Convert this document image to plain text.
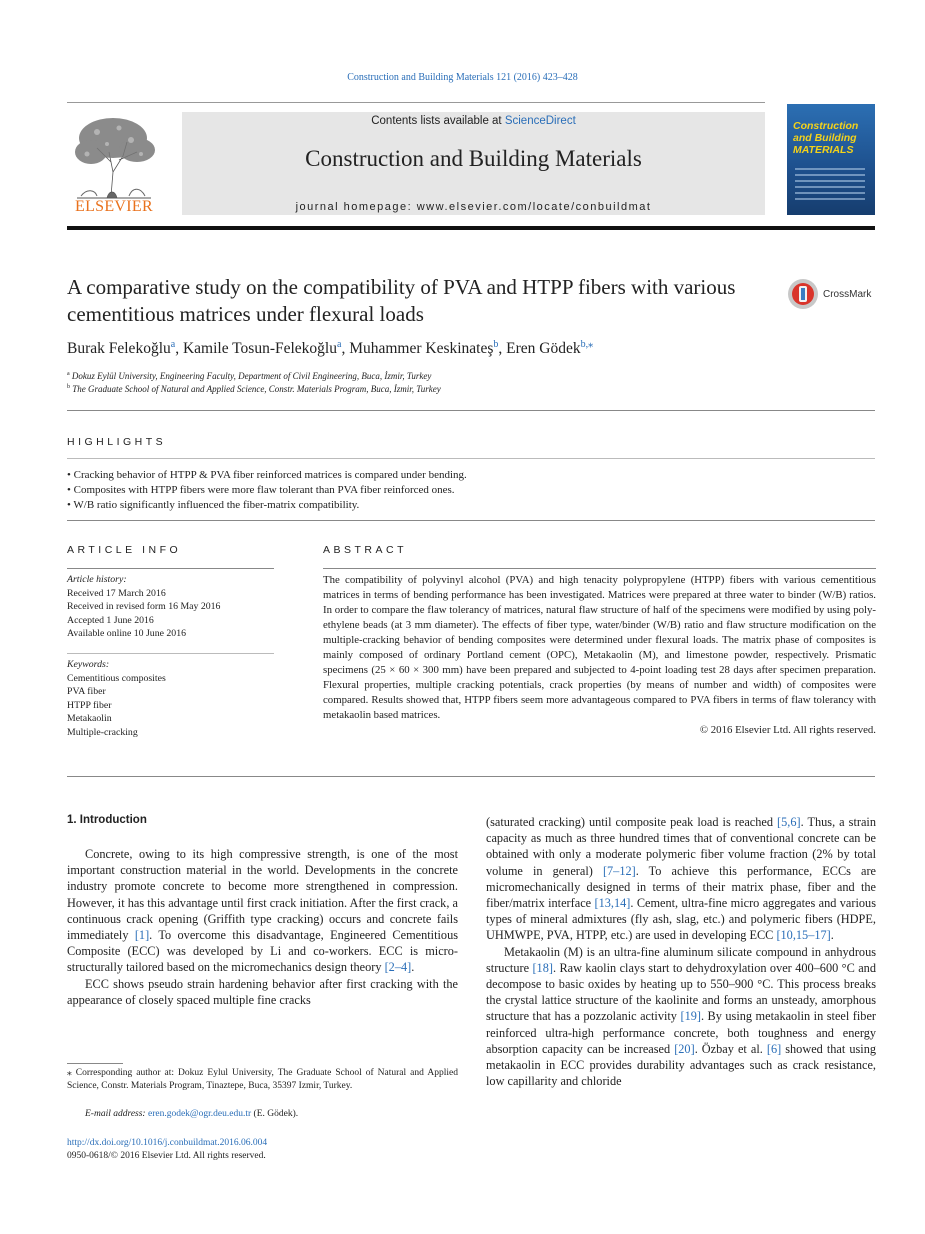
Construction and Building Materials 121 (2016) 423–428
ELSEVIER
Contents lists available at ScienceDirect
Construction and Building Materials
journal homepage: www.elsevier.com/locate/conbuildmat
Construction and Building MATERIALS
A comparative study on the compatibility of PVA and HTPP fibers with various cementitious matrices under flexural loads
CrossMark
Burak Felekoğlu$^a$, Kamile Tosun-Felekoğlu$^a$, Muhammer Keskinateş$^b$, Eren Gödek$^{b,⁎}$
$^a$ Dokuz Eylül University, Engineering Faculty, Department of Civil Engineering, Buca, İzmir, Turkey
$^b$ The Graduate School of Natural and Applied Science, Constr. Materials Program, Buca, İzmir, Turkey
HIGHLIGHTS
• Cracking behavior of HTPP & PVA fiber reinforced matrices is compared under bending.
• Composites with HTPP fibers were more flaw tolerant than PVA fiber reinforced ones.
• W/B ratio significantly influenced the fiber-matrix compatibility.
ARTICLE INFO
Article history:
Received 17 March 2016
Received in revised form 16 May 2016
Accepted 1 June 2016
Available online 10 June 2016
Keywords:
Cementitious composites
PVA fiber
HTPP fiber
Metakaolin
Multiple-cracking
ABSTRACT
The compatibility of polyvinyl alcohol (PVA) and high tenacity polypropylene (HTPP) fibers with various cementitious matrices in terms of bending performance has been investigated. Matrices were prepared at three water to binder (W/B) ratios. In order to compare the flaw tolerancy of matrices, natural flaw structure of half of the specimens were modified by using poly-ethylene beads (at 3 mm diameter). The effects of fiber type, water/binder (W/B) ratio and flaw structure modification on the multiple-cracking behavior of bending composites were determined under flexural loads. The matrix phase of composites is mainly composed of ordinary Portland cement (OPC), Metakaolin (M), and limestone powder, respectively. Prismatic specimens (25 × 60 × 300 mm) have been prepared and subjected to 4-point loading test 28 days after specimen preparation. Flexural properties, multiple cracking potentials, crack properties (by means of number and width) of composites were compared. Results showed that, HTPP fibers seem more advantageous compared to PVA fibers in terms of flaw tolerancy with metakaolin based matrices.
© 2016 Elsevier Ltd. All rights reserved.
1. Introduction

Concrete, owing to its high compressive strength, is one of the most important construction material in the world. Developments in the concrete industry promote concrete to become more strengthened in compression. However, it has this advantage until first crack initiation. After the first crack, a continuous crack opening (Griffith type cracking) occurs and concrete fails immediately [1]. To overcome this disadvantage, Engineered Cementitious Composite (ECC) was developed by Li and co-workers. ECC is micro-structurally tailored based on the micromechanics design theory [2–4].

ECC shows pseudo strain hardening behavior after first cracking with the appearance of closely spaced multiple fine cracks

(saturated cracking) until composite peak load is reached [5,6]. Thus, a strain capacity as much as three hundred times that of conventional concrete can be obtained with only a moderate polymeric fiber volume fraction (2% by total volume in general) [7–12]. To achieve this performance, ECCs are micromechanically designed in terms of their matrix phase, fiber and the fiber/matrix interface [13,14]. Cement, ultra-fine micro aggregates and various types of mineral admixtures (fly ash, slag, etc.) and polymeric fibers (HDPE, UHMWPE, PVA, HTPP, etc.) are used in developing ECC [10,15–17].

Metakaolin (M) is an ultra-fine aluminum silicate compound in anhydrous structure [18]. Raw kaolin clays start to dehydroxylation over 400–600 °C and decompose to basic oxides by heating up to 550–900 °C. This process breaks the crystal lattice structure of the kaolinite and forms an unsteady, amorphous structure that has a pozzolanic activity [19]. By using metakaolin in steel fiber reinforced ultra-high performance concrete, both toughness and energy absorption capacity can be increased [20]. Özbay et al. [6] showed that using metakaolin in ECC provides durability advantages such as crack resistance, low capillarity and chloride

⁎ Corresponding author at: Dokuz Eylul University, The Graduate School of Natural and Applied Science, Constr. Materials Program, Tinaztepe, Buca, 35397 Izmir, Turkey.
E-mail address: eren.godek@ogr.deu.edu.tr (E. Gödek).
http://dx.doi.org/10.1016/j.conbuildmat.2016.06.004
0950-0618/© 2016 Elsevier Ltd. All rights reserved.
